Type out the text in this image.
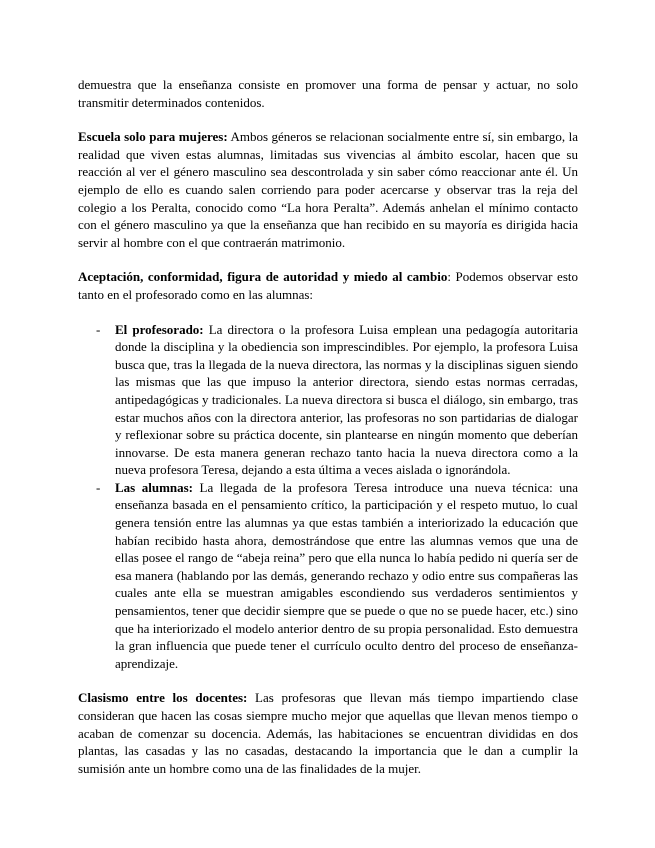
demuestra que la enseñanza consiste en promover una forma de pensar y actuar, no solo transmitir determinados contenidos.

Escuela solo para mujeres: Ambos géneros se relacionan socialmente entre sí, sin embargo, la realidad que viven estas alumnas, limitadas sus vivencias al ámbito escolar, hacen que su reacción al ver el género masculino sea descontrolada y sin saber cómo reaccionar ante él. Un ejemplo de ello es cuando salen corriendo para poder acercarse y observar tras la reja del colegio a los Peralta, conocido como “La hora Peralta”. Además anhelan el mínimo contacto con el género masculino ya que la enseñanza que han recibido en su mayoría es dirigida hacia servir al hombre con el que contraerán matrimonio.

Aceptación, conformidad, figura de autoridad y miedo al cambio: Podemos observar esto tanto en el profesorado como en las alumnas:

- El profesorado: La directora o la profesora Luisa emplean una pedagogía autoritaria donde la disciplina y la obediencia son imprescindibles. Por ejemplo, la profesora Luisa busca que, tras la llegada de la nueva directora, las normas y la disciplinas siguen siendo las mismas que las que impuso la anterior directora, siendo estas normas cerradas, antipedagógicas y tradicionales. La nueva directora si busca el diálogo, sin embargo, tras estar muchos años con la directora anterior, las profesoras no son partidarias de dialogar y reflexionar sobre su práctica docente, sin plantearse en ningún momento que deberían innovarse. De esta manera generan rechazo tanto hacia la nueva directora como a la nueva profesora Teresa, dejando a esta última a veces aislada o ignorándola.
- Las alumnas: La llegada de la profesora Teresa introduce una nueva técnica: una enseñanza basada en el pensamiento crítico, la participación y el respeto mutuo, lo cual genera tensión entre las alumnas ya que estas también a interiorizado la educación que habían recibido hasta ahora, demostrándose que entre las alumnas vemos que una de ellas posee el rango de “abeja reina” pero que ella nunca lo había pedido ni quería ser de esa manera (hablando por las demás, generando rechazo y odio entre sus compañeras las cuales ante ella se muestran amigables escondiendo sus verdaderos sentimientos y pensamientos, tener que decidir siempre que se puede o que no se puede hacer, etc.) sino que ha interiorizado el modelo anterior dentro de su propia personalidad. Esto demuestra la gran influencia que puede tener el currículo oculto dentro del proceso de enseñanza-aprendizaje.

Clasismo entre los docentes: Las profesoras que llevan más tiempo impartiendo clase consideran que hacen las cosas siempre mucho mejor que aquellas que llevan menos tiempo o acaban de comenzar su docencia. Además, las habitaciones se encuentran divididas en dos plantas, las casadas y las no casadas, destacando la importancia que le dan a cumplir la sumisión ante un hombre como una de las finalidades de la mujer.
